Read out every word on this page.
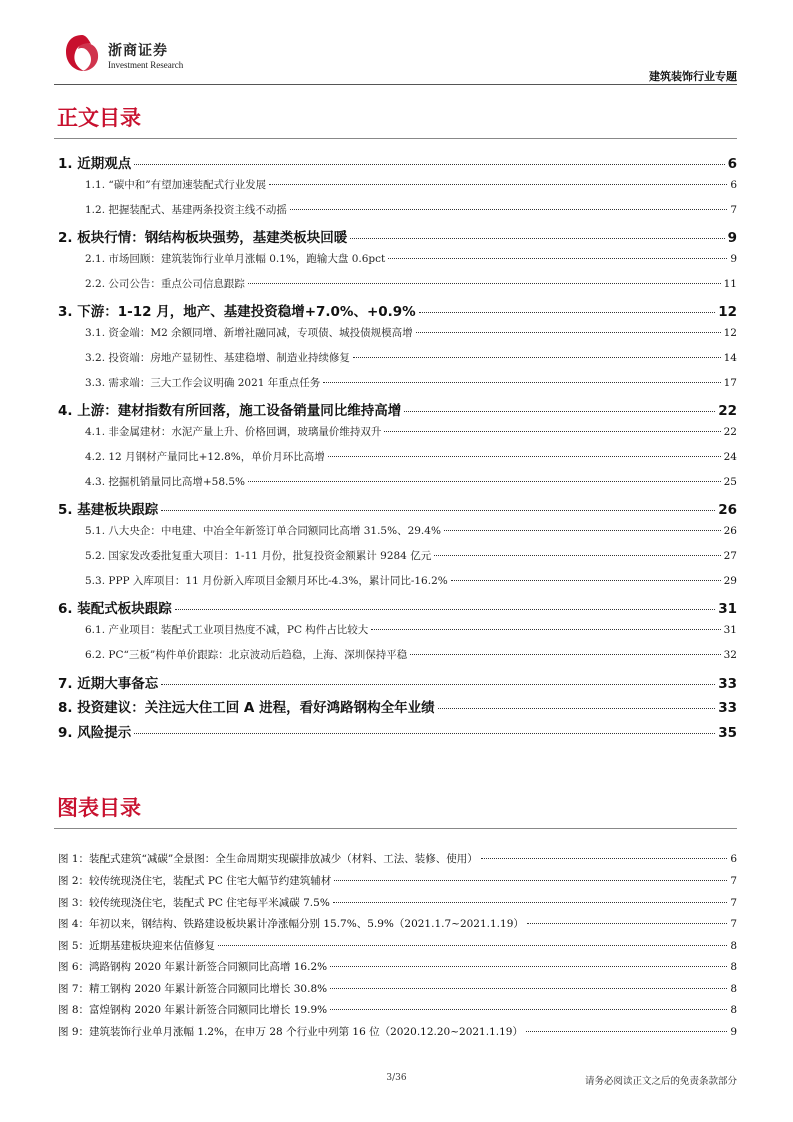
浙商证券
Investment Research
建筑装饰行业专题
正文目录
1. 近期观点	6
1.1. “碳中和”有望加速装配式行业发展	6
1.2. 把握装配式、基建两条投资主线不动摇	7
2. 板块行情：钢结构板块强势，基建类板块回暖	9
2.1. 市场回顾：建筑装饰行业单月涨幅 0.1%，跑输大盘 0.6pct	9
2.2. 公司公告：重点公司信息跟踪	11
3. 下游：1-12 月，地产、基建投资稳增+7.0%、+0.9%	12
3.1. 资金端：M2 余额同增、新增社融同减，专项债、城投债规模高增	12
3.2. 投资端：房地产显韧性、基建稳增、制造业持续修复	14
3.3. 需求端：三大工作会议明确 2021 年重点任务	17
4. 上游：建材指数有所回落，施工设备销量同比维持高增	22
4.1. 非金属建材：水泥产量上升、价格回调，玻璃量价维持双升	22
4.2. 12 月钢材产量同比+12.8%，单价月环比高增	24
4.3. 挖掘机销量同比高增+58.5%	25
5. 基建板块跟踪	26
5.1. 八大央企：中电建、中冶全年新签订单合同额同比高增 31.5%、29.4%	26
5.2. 国家发改委批复重大项目：1-11 月份，批复投资金额累计 9284 亿元	27
5.3. PPP 入库项目：11 月份新入库项目金额月环比-4.3%，累计同比-16.2%	29
6. 装配式板块跟踪	31
6.1. 产业项目：装配式工业项目热度不减，PC 构件占比较大	31
6.2. PC“三板”构件单价跟踪：北京波动后趋稳，上海、深圳保持平稳	32
7. 近期大事备忘	33
8. 投资建议：关注远大住工回 A 进程，看好鸿路钢构全年业绩	33
9. 风险提示	35
图表目录
图 1：装配式建筑“减碳”全景图：全生命周期实现碳排放减少（材料、工法、装修、使用）	6
图 2：较传统现浇住宅，装配式 PC 住宅大幅节约建筑辅材	7
图 3：较传统现浇住宅，装配式 PC 住宅每平米减碳 7.5%	7
图 4：年初以来，钢结构、铁路建设板块累计净涨幅分别 15.7%、5.9%（2021.1.7~2021.1.19）	7
图 5：近期基建板块迎来估值修复	8
图 6：鸿路钢构 2020 年累计新签合同额同比高增 16.2%	8
图 7：精工钢构 2020 年累计新签合同额同比增长 30.8%	8
图 8：富煌钢构 2020 年累计新签合同额同比增长 19.9%	8
图 9：建筑装饰行业单月涨幅 1.2%，在申万 28 个行业中列第 16 位（2020.12.20~2021.1.19）	9
3/36	请务必阅读正文之后的免责条款部分
